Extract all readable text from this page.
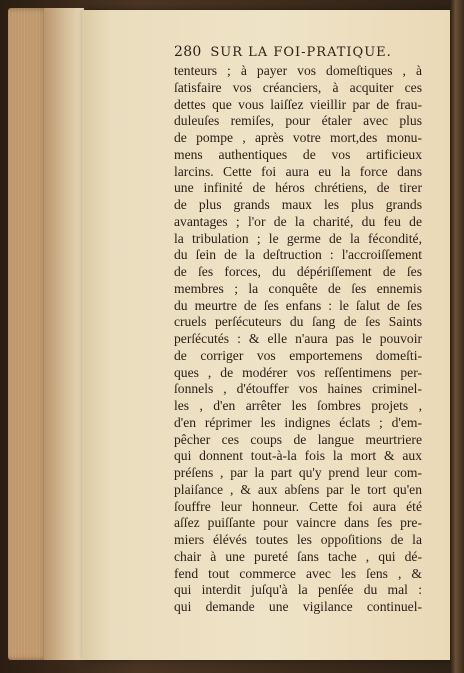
280 SUR LA FOI-PRATIQUE.
tenteurs ; à payer vos domeſtiques , à
ſatisfaire vos créanciers, à acquiter ces
dettes que vous laiſſez vieillir par de frau-
duleuſes remiſes, pour étaler avec plus
de pompe , après votre mort,des monu-
mens authentiques de vos artificieux
larcins. Cette foi aura eu la force dans
une infinité de héros chrétiens, de tirer
de plus grands maux les plus grands
avantages ; l'or de la charité, du feu de
la tribulation ; le germe de la fécondité,
du ſein de la deſtruction : l'accroiſſement
de ſes forces, du dépériſſement de ſes
membres ; la conquête de ſes ennemis
du meurtre de ſes enfans : le ſalut de ſes
cruels perſécuteurs du ſang de ſes Saints
perſécutés : & elle n'aura pas le pouvoir
de corriger vos emportemens domeſti-
ques , de modérer vos reſſentimens per-
ſonnels , d'étouffer vos haines criminel-
les , d'en arrêter les ſombres projets ,
d'en réprimer les indignes éclats ; d'em-
pêcher ces coups de langue meurtriere
qui donnent tout-à-la fois la mort & aux
préſens , par la part qu'y prend leur com-
plaiſance , & aux abſens par le tort qu'en
ſouffre leur honneur. Cette foi aura été
aſſez puiſſante pour vaincre dans ſes pre-
miers élévés toutes les oppoſitions de la
chair à une pureté ſans tache , qui dé-
fend tout commerce avec les ſens , &
qui interdit juſqu'à la penſée du mal :
qui demande une vigilance continuel-
